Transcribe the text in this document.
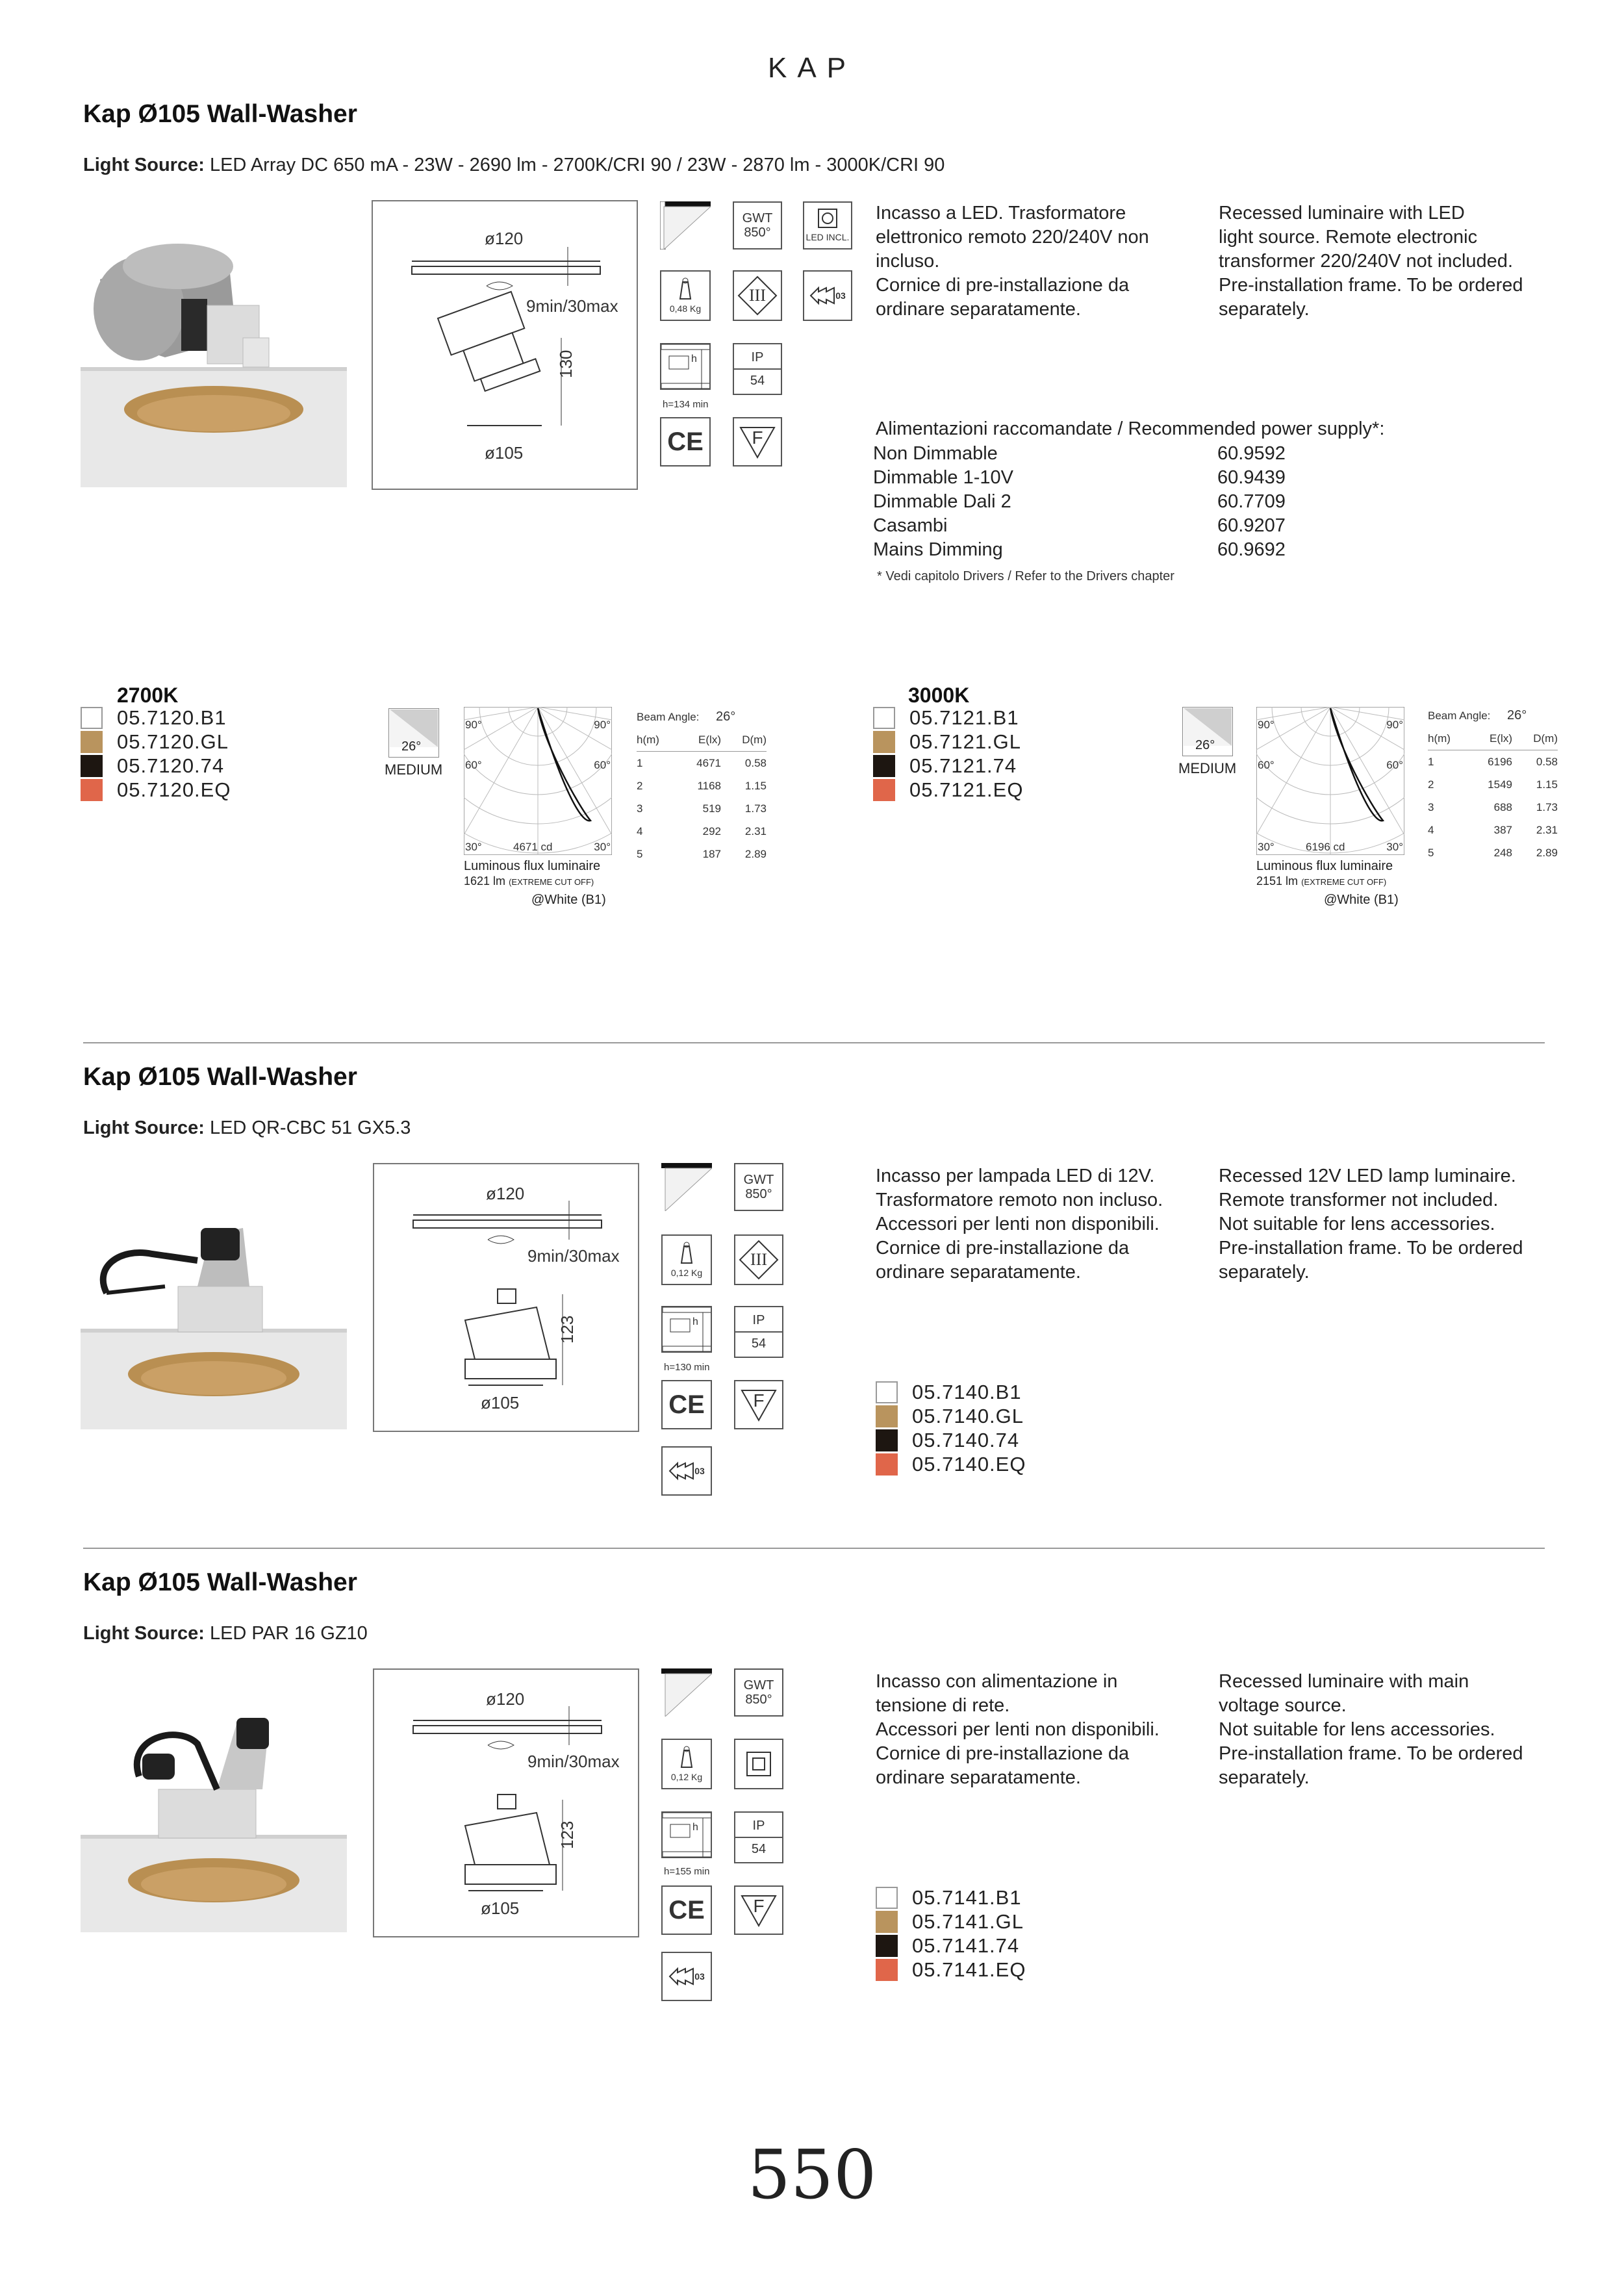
KAP
Kap Ø105 Wall-Washer
Light Source: LED Array DC 650 mA - 23W - 2690 lm - 2700K/CRI 90 / 23W - 2870 lm - 3000K/CRI 90
ø120
9min/30max
130
ø105
GWT
850°	LED INCL.
0,48 Kg
III	03
h
h=134 min
IP
54
CE	F
Incasso a LED. Trasformatore
elettronico remoto 220/240V non
incluso.
Cornice di pre-installazione da
ordinare separatamente.
Recessed luminaire with LED
light source. Remote electronic
transformer 220/240V not included.
Pre-installation frame. To be ordered
separately.
Alimentazioni raccomandate / Recommended power supply*:
Non Dimmable	60.9592
Dimmable 1-10V	60.9439
Dimmable Dali 2	60.7709
Casambi	60.9207
Mains Dimming	60.9692
* Vedi capitolo Drivers / Refer to the Drivers chapter
2700K
05.7120.B1
05.7120.GL
05.7120.74
05.7120.EQ
26°
MEDIUM
90°	90°
60°	60°
30°	30°
4671 cd
Luminous flux luminaire
1621 lm (EXTREME CUT OFF)
@White (B1)
Beam Angle:	26°
h(m)	E(lx)	D(m)
1	4671	0.58
2	1168	1.15
3	519	1.73
4	292	2.31
5	187	2.89
3000K
05.7121.B1
05.7121.GL
05.7121.74
05.7121.EQ
26°
MEDIUM
90°	90°
60°	60°
30°	30°
6196 cd
Luminous flux luminaire
2151 lm (EXTREME CUT OFF)
@White (B1)
Beam Angle:	26°
h(m)	E(lx)	D(m)
1	6196	0.58
2	1549	1.15
3	688	1.73
4	387	2.31
5	248	2.89
Kap Ø105 Wall-Washer
Light Source: LED QR-CBC 51 GX5.3
ø120
9min/30max
123
ø105
GWT
850°
0,12 Kg
III
h
h=130 min
IP
54
CE	F
03
Incasso per lampada LED di 12V.
Trasformatore remoto non incluso.
Accessori per lenti non disponibili.
Cornice di pre-installazione da
ordinare separatamente.
Recessed 12V LED lamp luminaire.
Remote transformer not included.
Not suitable for lens accessories.
Pre-installation frame. To be ordered
separately.
05.7140.B1
05.7140.GL
05.7140.74
05.7140.EQ
Kap Ø105 Wall-Washer
Light Source: LED PAR 16 GZ10
ø120
9min/30max
123
ø105
GWT
850°
0,12 Kg
h
h=155 min
IP
54
CE	F
03
Incasso con alimentazione in
tensione di rete.
Accessori per lenti non disponibili.
Cornice di pre-installazione da
ordinare separatamente.
Recessed luminaire with main
voltage source.
Not suitable for lens accessories.
Pre-installation frame. To be ordered
separately.
05.7141.B1
05.7141.GL
05.7141.74
05.7141.EQ
550
